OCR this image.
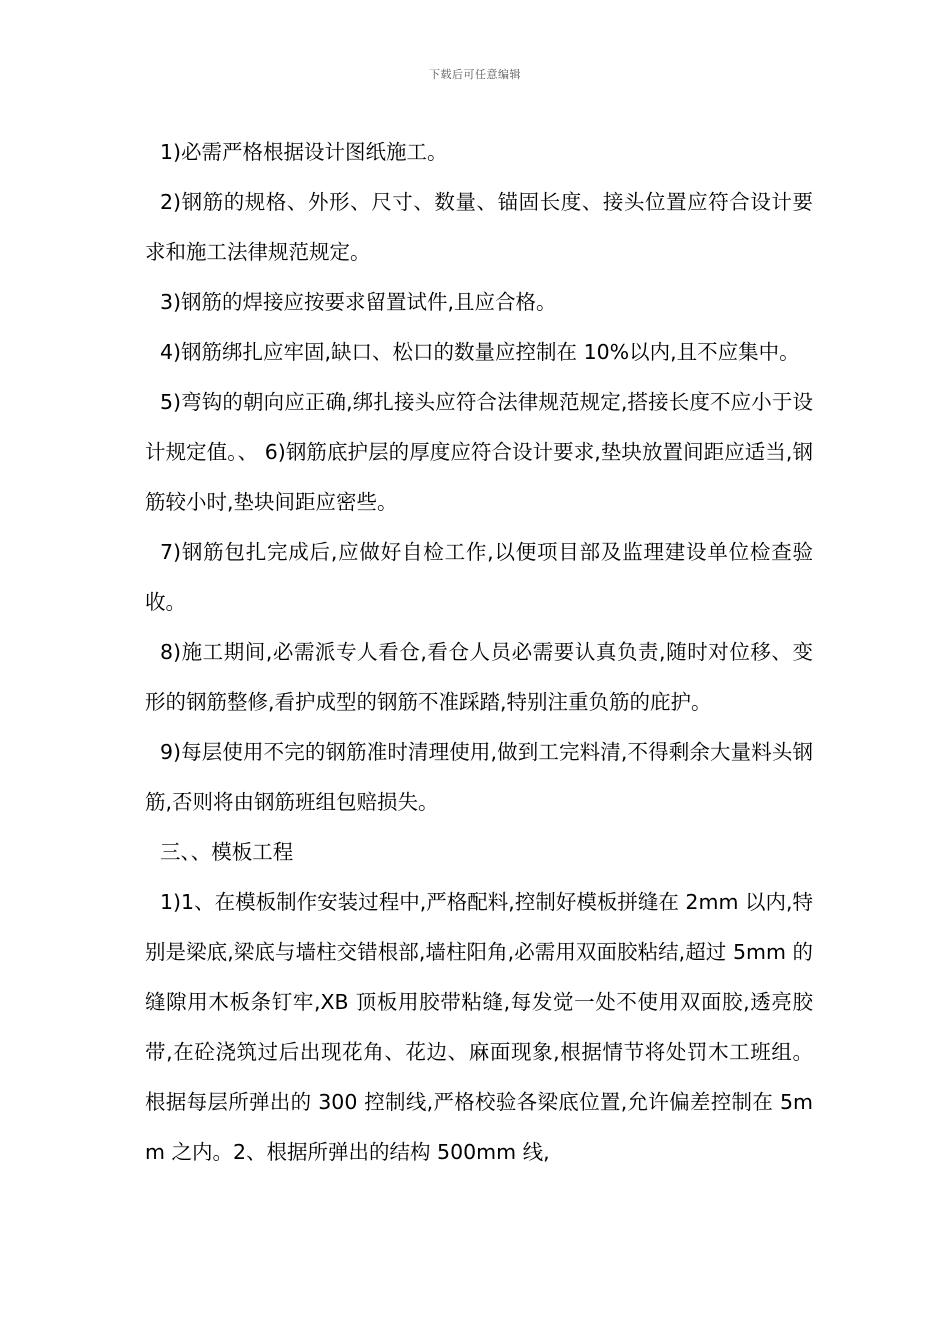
下载后可任意编辑

1)必需严格根据设计图纸施工。

2)钢筋的规格、外形、尺寸、数量、锚固长度、接头位置应符合设计要求和施工法律规范规定。

3)钢筋的焊接应按要求留置试件,且应合格。

4)钢筋绑扎应牢固,缺口、松口的数量应控制在 10%以内,且不应集中。

5)弯钩的朝向应正确,绑扎接头应符合法律规范规定,搭接长度不应小于设计规定值。、 6)钢筋底护层的厚度应符合设计要求,垫块放置间距应适当,钢筋较小时,垫块间距应密些。

7)钢筋包扎完成后,应做好自检工作,以便项目部及监理建设单位检查验收。

8)施工期间,必需派专人看仓,看仓人员必需要认真负责,随时对位移、变形的钢筋整修,看护成型的钢筋不准踩踏,特别注重负筋的庇护。

9)每层使用不完的钢筋准时清理使用,做到工完料清,不得剩余大量料头钢筋,否则将由钢筋班组包赔损失。

三、、模板工程

1)1、在模板制作安装过程中,严格配料,控制好模板拼缝在 2mm 以内,特别是梁底,梁底与墙柱交错根部,墙柱阳角,必需用双面胶粘结,超过 5mm 的缝隙用木板条钉牢,XB 顶板用胶带粘缝,每发觉一处不使用双面胶,透亮胶带,在砼浇筑过后出现花角、花边、麻面现象,根据情节将处罚木工班组。根据每层所弹出的 300 控制线,严格校验各梁底位置,允许偏差控制在 5mm 之内。2、根据所弹出的结构 500mm 线,
